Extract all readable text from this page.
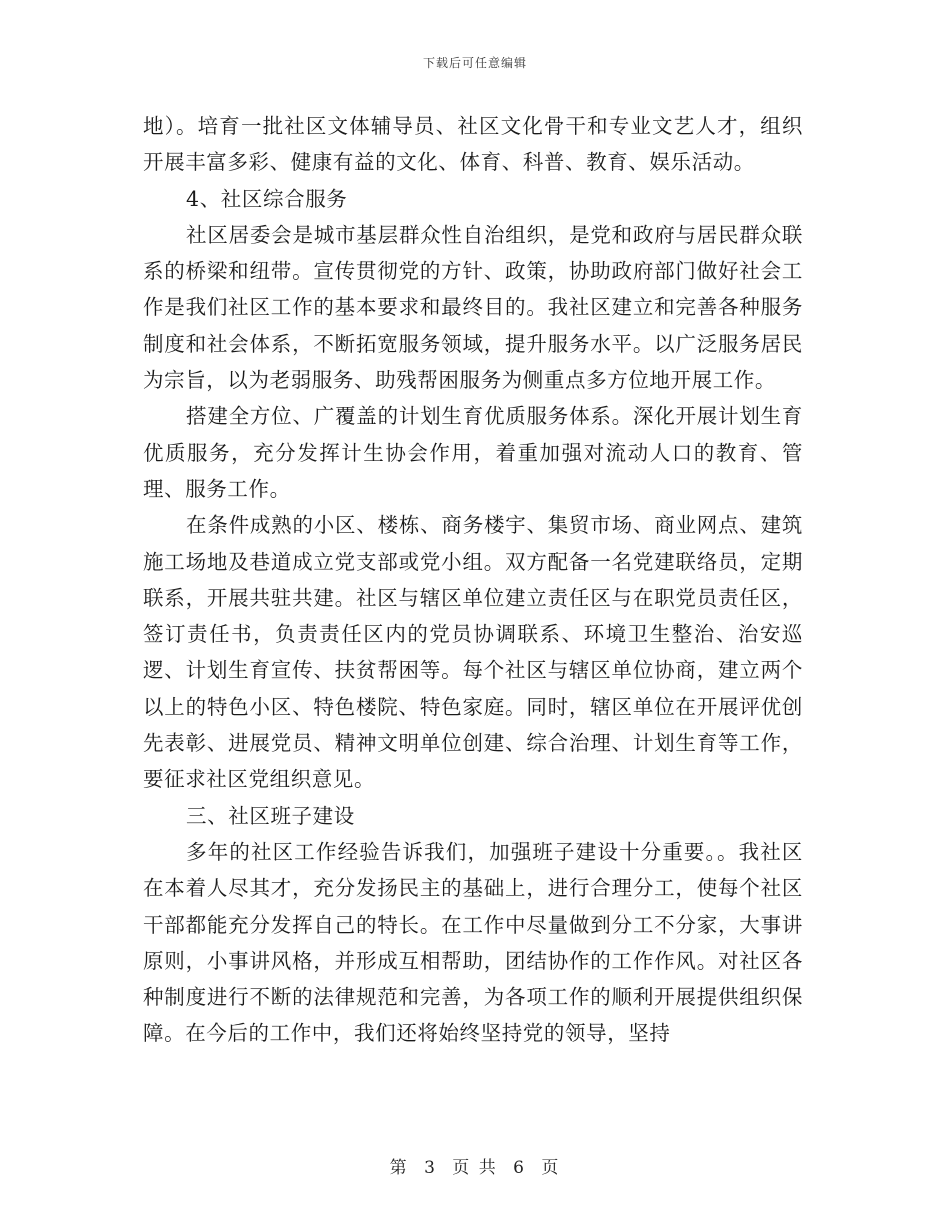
下载后可任意编辑

地）。培育一批社区文体辅导员、社区文化骨干和专业文艺人才，组织开展丰富多彩、健康有益的文化、体育、科普、教育、娱乐活动。

4、社区综合服务

社区居委会是城市基层群众性自治组织，是党和政府与居民群众联系的桥梁和纽带。宣传贯彻党的方针、政策，协助政府部门做好社会工作是我们社区工作的基本要求和最终目的。我社区建立和完善各种服务制度和社会体系，不断拓宽服务领域，提升服务水平。以广泛服务居民为宗旨，以为老弱服务、助残帮困服务为侧重点多方位地开展工作。

搭建全方位、广覆盖的计划生育优质服务体系。深化开展计划生育优质服务，充分发挥计生协会作用，着重加强对流动人口的教育、管理、服务工作。

在条件成熟的小区、楼栋、商务楼宇、集贸市场、商业网点、建筑施工场地及巷道成立党支部或党小组。双方配备一名党建联络员，定期联系，开展共驻共建。社区与辖区单位建立责任区与在职党员责任区，签订责任书，负责责任区内的党员协调联系、环境卫生整治、治安巡逻、计划生育宣传、扶贫帮困等。每个社区与辖区单位协商，建立两个以上的特色小区、特色楼院、特色家庭。同时，辖区单位在开展评优创先表彰、进展党员、精神文明单位创建、综合治理、计划生育等工作，要征求社区党组织意见。

三、社区班子建设

多年的社区工作经验告诉我们，加强班子建设十分重要。。我社区在本着人尽其才，充分发扬民主的基础上，进行合理分工，使每个社区干部都能充分发挥自己的特长。在工作中尽量做到分工不分家，大事讲原则，小事讲风格，并形成互相帮助，团结协作的工作作风。对社区各种制度进行不断的法律规范和完善，为各项工作的顺利开展提供组织保障。在今后的工作中，我们还将始终坚持党的领导，坚持

第 3 页 共 6 页
